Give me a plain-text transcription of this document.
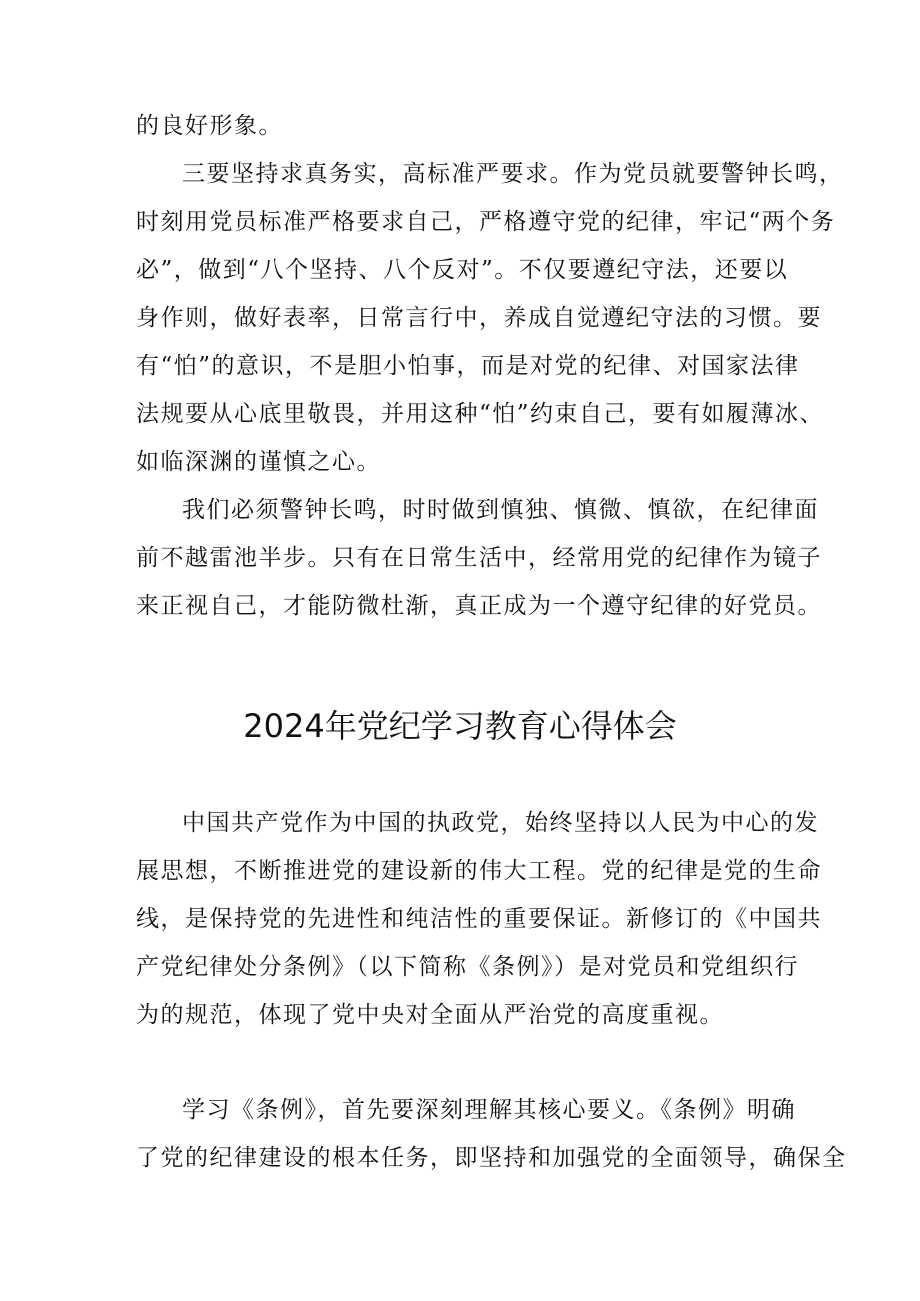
的良好形象。
三要坚持求真务实，高标准严要求。作为党员就要警钟长鸣，
时刻用党员标准严格要求自己，严格遵守党的纪律，牢记“两个务
必”，做到“八个坚持、八个反对”。不仅要遵纪守法，还要以
身作则，做好表率，日常言行中，养成自觉遵纪守法的习惯。要
有“怕”的意识，不是胆小怕事，而是对党的纪律、对国家法律
法规要从心底里敬畏，并用这种“怕”约束自己，要有如履薄冰、
如临深渊的谨慎之心。
我们必须警钟长鸣，时时做到慎独、慎微、慎欲，在纪律面
前不越雷池半步。只有在日常生活中，经常用党的纪律作为镜子
来正视自己，才能防微杜渐，真正成为一个遵守纪律的好党员。
2024年党纪学习教育心得体会
中国共产党作为中国的执政党，始终坚持以人民为中心的发
展思想，不断推进党的建设新的伟大工程。党的纪律是党的生命
线，是保持党的先进性和纯洁性的重要保证。新修订的《中国共
产党纪律处分条例》（以下简称《条例》）是对党员和党组织行
为的规范，体现了党中央对全面从严治党的高度重视。
学习《条例》，首先要深刻理解其核心要义。《条例》明确
了党的纪律建设的根本任务，即坚持和加强党的全面领导，确保全
